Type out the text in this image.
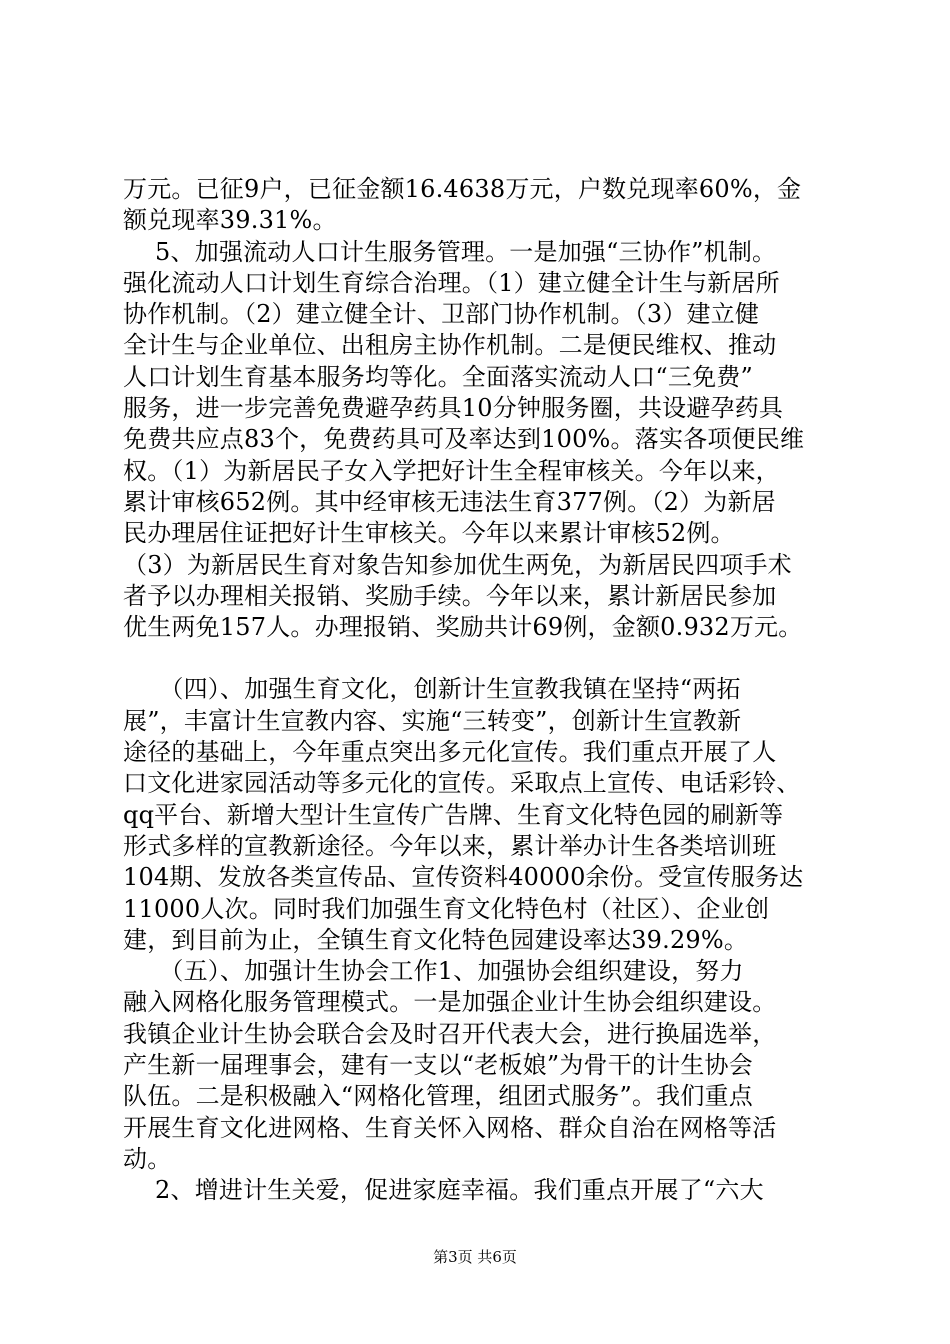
万元。已征9户，已征金额16.4638万元，户数兑现率60%，金
额兑现率39.31%。
　 5、加强流动人口计生服务管理。一是加强“三协作”机制。
强化流动人口计划生育综合治理。（1）建立健全计生与新居所
协作机制。（2）建立健全计、卫部门协作机制。（3）建立健
全计生与企业单位、出租房主协作机制。二是便民维权、推动
人口计划生育基本服务均等化。全面落实流动人口“三免费”
服务，进一步完善免费避孕药具10分钟服务圈，共设避孕药具
免费共应点83个，免费药具可及率达到100%。落实各项便民维
权。（1）为新居民子女入学把好计生全程审核关。今年以来，
累计审核652例。其中经审核无违法生育377例。（2）为新居
民办理居住证把好计生审核关。今年以来累计审核52例。
（3）为新居民生育对象告知参加优生两免，为新居民四项手术
者予以办理相关报销、奖励手续。今年以来，累计新居民参加
优生两免157人。办理报销、奖励共计69例，金额0.932万元。
　　（四）、加强生育文化，创新计生宣教我镇在坚持“两拓
展”，丰富计生宣教内容、实施“三转变”，创新计生宣教新
途径的基础上，今年重点突出多元化宣传。我们重点开展了人
口文化进家园活动等多元化的宣传。采取点上宣传、电话彩铃、
qq平台、新增大型计生宣传广告牌、生育文化特色园的刷新等
形式多样的宣教新途径。今年以来，累计举办计生各类培训班
104期、发放各类宣传品、宣传资料40000余份。受宣传服务达
11000人次。同时我们加强生育文化特色村（社区）、企业创
建，到目前为止，全镇生育文化特色园建设率达39.29%。
　　（五）、加强计生协会工作1、加强协会组织建设，努力
融入网格化服务管理模式。一是加强企业计生协会组织建设。
我镇企业计生协会联合会及时召开代表大会，进行换届选举，
产生新一届理事会，建有一支以“老板娘”为骨干的计生协会
队伍。二是积极融入“网格化管理，组团式服务”。我们重点
开展生育文化进网格、生育关怀入网格、群众自治在网格等活
动。
　 2、增进计生关爱，促进家庭幸福。我们重点开展了“六大
第3页 共6页
